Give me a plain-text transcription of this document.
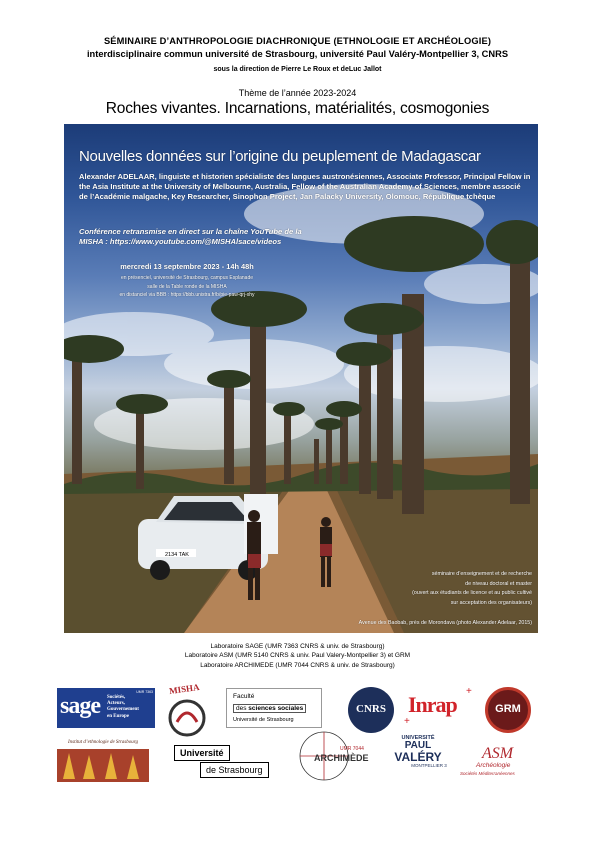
SÉMINAIRE D’ANTHROPOLOGIE DIACHRONIQUE (ETHNOLOGIE ET ARCHÉOLOGIE)
interdisciplinaire commun université de Strasbourg, université Paul Valéry-Montpellier 3, CNRS
sous la direction de Pierre Le Roux et deLuc Jallot
Thème de l’année 2023-2024
Roches vivantes. Incarnations, matérialités, cosmogonies
2134 TAK
Nouvelles données sur l’origine du peuplement de Madagascar
Alexander ADELAAR, linguiste et historien spécialiste des langues austronésiennes, Associate Professor, Principal Fellow in the Asia Institute at the University of Melbourne, Australia, Fellow of the Australian Academy of Sciences, membre associé de l’Académie malgache, Key Researcher, Sinophon Project, Jan Palacky University, Olomouc, République tchèque
Conférence retransmise en direct sur la chaîne YouTube de la
MISHA : https://www.youtube.com/@MISHAlsace/videos
mercredi 13 septembre 2023 - 14h 48h
en présenciel, université de Strasbourg, campus Esplanade
salle de la Table ronde de la MISHA
en distanciel via BBB : https://bbb.unistra.fr/b/pie-paw-qrj-xhy
séminaire d’enseignement et de recherche
de niveau doctoral et master
(ouvert aux étudiants de licence et au public cultivé
sur acceptation des organisateurs)
Avenue des Baobab, près de Morondava (photo Alexander Adelaar, 2015)
Laboratoire SAGE (UMR 7363 CNRS & univ. de Strasbourg)
Laboratoire ASM (UMR 5140 CNRS & univ. Paul Valery-Montpellier 3) et GRM
Laboratoire ARCHIMEDE (UMR 7044 CNRS & univ. de Strasbourg)
sage
UMR 7363
Sociétés,
Acteurs,
Gouvernement
en Europe
MISHA
Faculté
des sciences sociales
Université de Strasbourg
CNRS	Inrap
+
+
GRM
Institut d’ethnologie de Strasbourg
Université
de Strasbourg
UMR 7044
ARCHIMÈDE
UNIVERSITÉ
PAUL
VALÉRY
MONTPELLIER 3
ASM
Archéologie
Sociétés Méditerranéennes
